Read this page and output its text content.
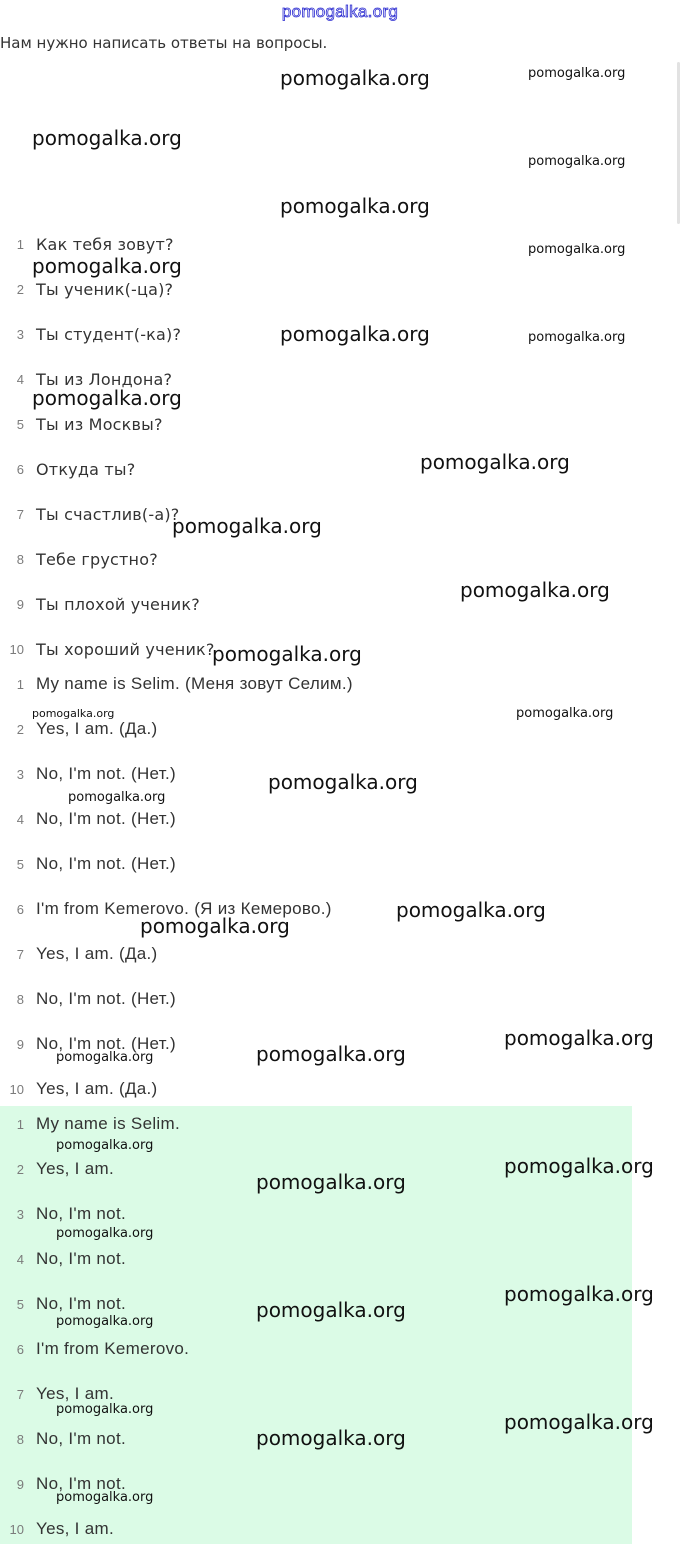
pomogalka.org
Нам нужно написать ответы на вопросы.
1 Как тебя зовут?
2 Ты ученик(-ца)?
3 Ты студент(-ка)?
4 Ты из Лондона?
5 Ты из Москвы?
6 Откуда ты?
7 Ты счастлив(-а)?
8 Тебе грустно?
9 Ты плохой ученик?
10 Ты хороший ученик?
1 My name is Selim. (Меня зовут Селим.)
2 Yes, I am. (Да.)
3 No, I'm not. (Нет.)
4 No, I'm not. (Нет.)
5 No, I'm not. (Нет.)
6 I'm from Kemerovo. (Я из Кемерово.)
7 Yes, I am. (Да.)
8 No, I'm not. (Нет.)
9 No, I'm not. (Нет.)
10 Yes, I am. (Да.)
1 My name is Selim.
2 Yes, I am.
3 No, I'm not.
4 No, I'm not.
5 No, I'm not.
6 I'm from Kemerovo.
7 Yes, I am.
8 No, I'm not.
9 No, I'm not.
10 Yes, I am.
pomogalka.org	pomogalka.org
pomogalka.org
pomogalka.org
pomogalka.org
pomogalka.org
pomogalka.org
pomogalka.org	pomogalka.org
pomogalka.org
pomogalka.org
pomogalka.org
pomogalka.org
pomogalka.org
pomogalka.org	pomogalka.org
pomogalka.org
pomogalka.org
pomogalka.org
pomogalka.org
pomogalka.org
pomogalka.org
pomogalka.org
pomogalka.org
pomogalka.org
pomogalka.org
pomogalka.org
pomogalka.org
pomogalka.org
pomogalka.org
pomogalka.org
pomogalka.org
pomogalka.org
pomogalka.org
